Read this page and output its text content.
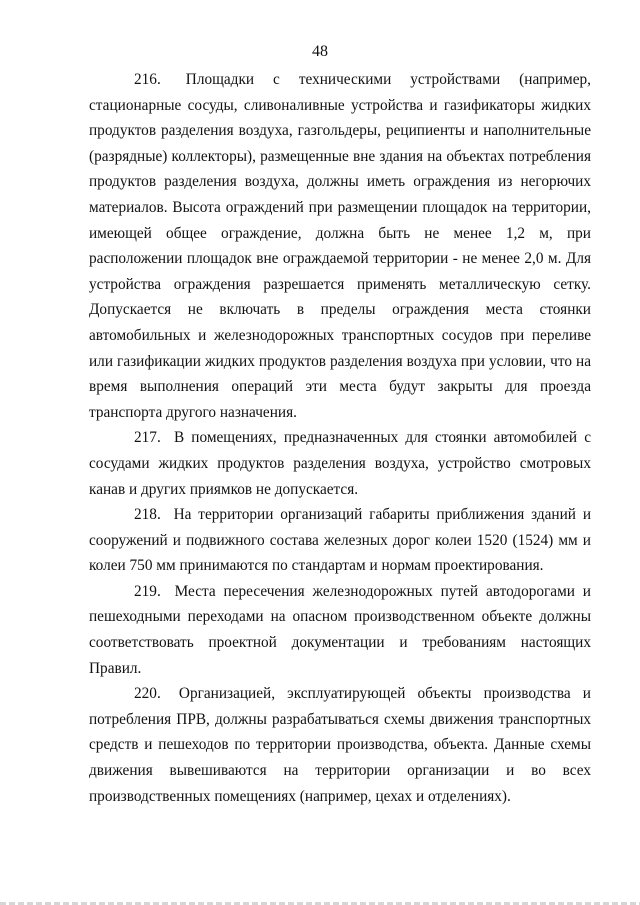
48

216. Площадки с техническими устройствами (например, стационарные сосуды, сливоналивные устройства и газификаторы жидких продуктов разделения воздуха, газгольдеры, реципиенты и наполнительные (разрядные) коллекторы), размещенные вне здания на объектах потребления продуктов разделения воздуха, должны иметь ограждения из негорючих материалов. Высота ограждений при размещении площадок на территории, имеющей общее ограждение, должна быть не менее 1,2 м, при расположении площадок вне ограждаемой территории - не менее 2,0 м. Для устройства ограждения разрешается применять металлическую сетку. Допускается не включать в пределы ограждения места стоянки автомобильных и железнодорожных транспортных сосудов при переливе или газификации жидких продуктов разделения воздуха при условии, что на время выполнения операций эти места будут закрыты для проезда транспорта другого назначения.

217. В помещениях, предназначенных для стоянки автомобилей с сосудами жидких продуктов разделения воздуха, устройство смотровых канав и других приямков не допускается.

218. На территории организаций габариты приближения зданий и сооружений и подвижного состава железных дорог колеи 1520 (1524) мм и колеи 750 мм принимаются по стандартам и нормам проектирования.

219. Места пересечения железнодорожных путей автодорогами и пешеходными переходами на опасном производственном объекте должны соответствовать проектной документации и требованиям настоящих Правил.

220. Организацией, эксплуатирующей объекты производства и потребления ПРВ, должны разрабатываться схемы движения транспортных средств и пешеходов по территории производства, объекта. Данные схемы движения вывешиваются на территории организации и во всех производственных помещениях (например, цехах и отделениях).
